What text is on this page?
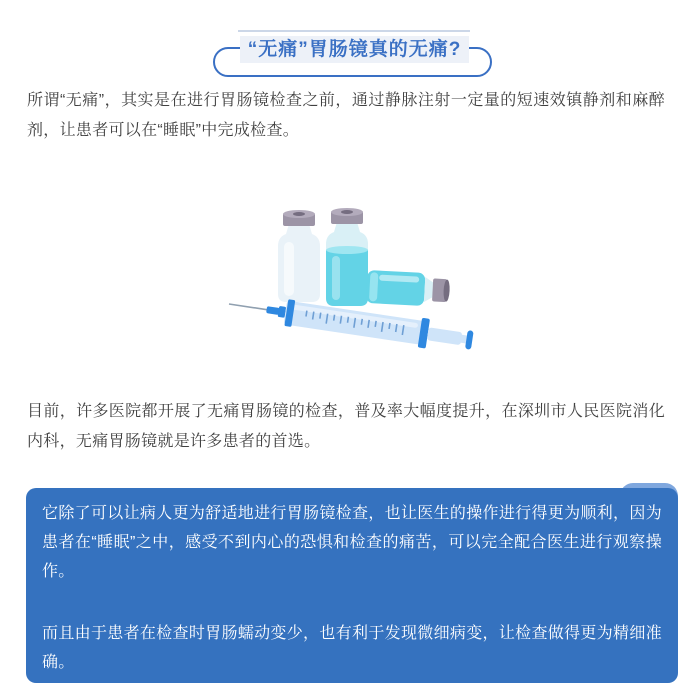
“无痛”胃肠镜真的无痛?

所谓“无痛”，其实是在进行胃肠镜检查之前，通过静脉注射一定量的短速效镇静剂和麻醉剂，让患者可以在“睡眠”中完成检查。

目前，许多医院都开展了无痛胃肠镜的检查，普及率大幅度提升，在深圳市人民医院消化内科，无痛胃肠镜就是许多患者的首选。

它除了可以让病人更为舒适地进行胃肠镜检查，也让医生的操作进行得更为顺利，因为患者在“睡眠”之中，感受不到内心的恐惧和检查的痛苦，可以完全配合医生进行观察操作。

而且由于患者在检查时胃肠蠕动变少，也有利于发现微细病变，让检查做得更为精细准确。
